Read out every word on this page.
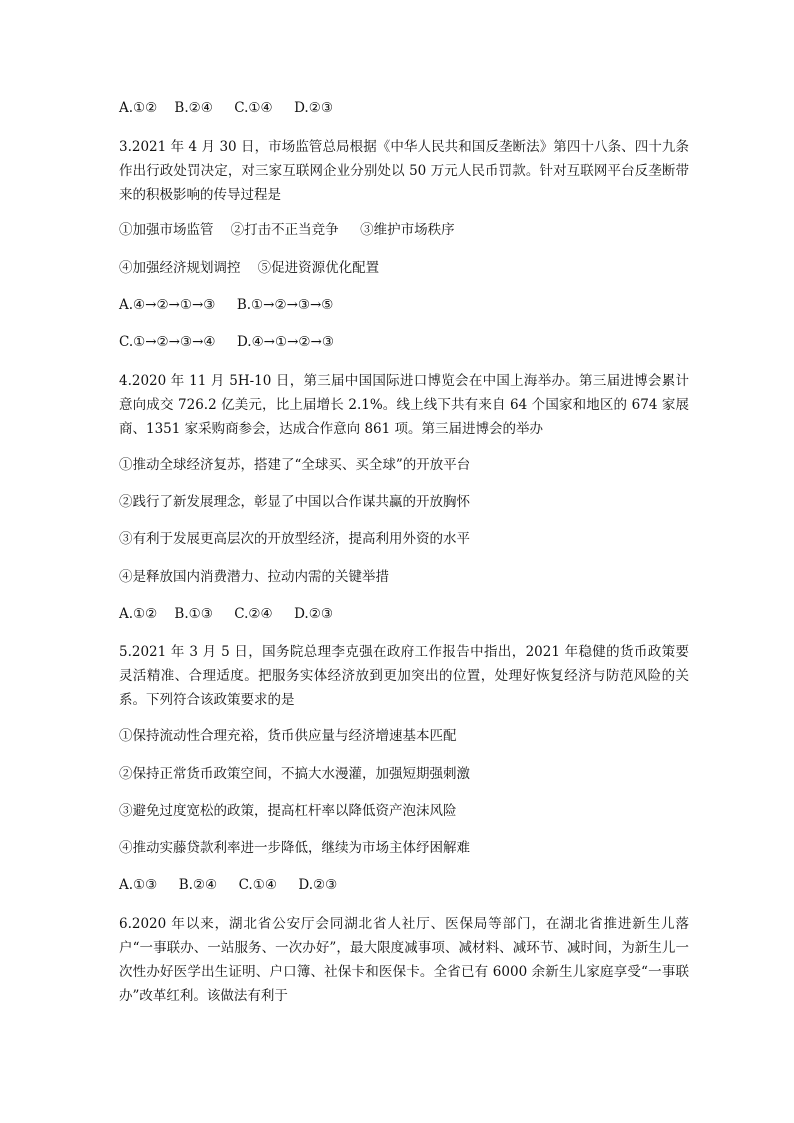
A.①②    B.②④     C.①④     D.②③
3.2021 年 4 月 30 日，市场监管总局根据《中华人民共和国反垄断法》第四十八条、四十九条作出行政处罚决定，对三家互联网企业分别处以 50 万元人民币罚款。针对互联网平台反垄断带来的积极影响的传导过程是
①加强市场监管    ②打击不正当竞争     ③维护市场秩序
④加强经济规划调控    ⑤促进资源优化配置
A.④→②→①→③     B.①→②→③→⑤
C.①→②→③→④     D.④→①→②→③
4.2020 年 11 月 5H-10 日，第三届中国国际进口博览会在中国上海举办。第三届进博会累计意向成交 726.2 亿美元，比上届增长 2.1%。线上线下共有来自 64 个国家和地区的 674 家展商、1351 家采购商参会，达成合作意向 861 项。第三届进博会的举办
①推动全球经济复苏，搭建了“全球买、买全球”的开放平台
②践行了新发展理念，彰显了中国以合作谋共赢的开放胸怀
③有利于发展更高层次的开放型经济，提高利用外资的水平
④是释放国内消费潜力、拉动内需的关键举措
A.①②    B.①③     C.②④     D.②③
5.2021 年 3 月 5 日，国务院总理李克强在政府工作报告中指出，2021 年稳健的货币政策要灵活精准、合理适度。把服务实体经济放到更加突出的位置，处理好恢复经济与防范风险的关系。下列符合该政策要求的是
①保持流动性合理充裕，货币供应量与经济增速基本匹配
②保持正常货币政策空间，不搞大水漫灌，加强短期强刺激
③避免过度宽松的政策，提高杠杆率以降低资产泡沫风险
④推动实藤贷款利率进一步降低，继续为市场主体纾困解难
A.①③     B.②④     C.①④     D.②③
6.2020 年以来，湖北省公安厅会同湖北省人社厅、医保局等部门，在湖北省推进新生儿落户“一事联办、一站服务、一次办好”，最大限度减事项、减材料、减环节、减时间，为新生儿一次性办好医学出生证明、户口簿、社保卡和医保卡。全省已有 6000 余新生儿家庭享受“一事联办”改革红利。该做法有利于
